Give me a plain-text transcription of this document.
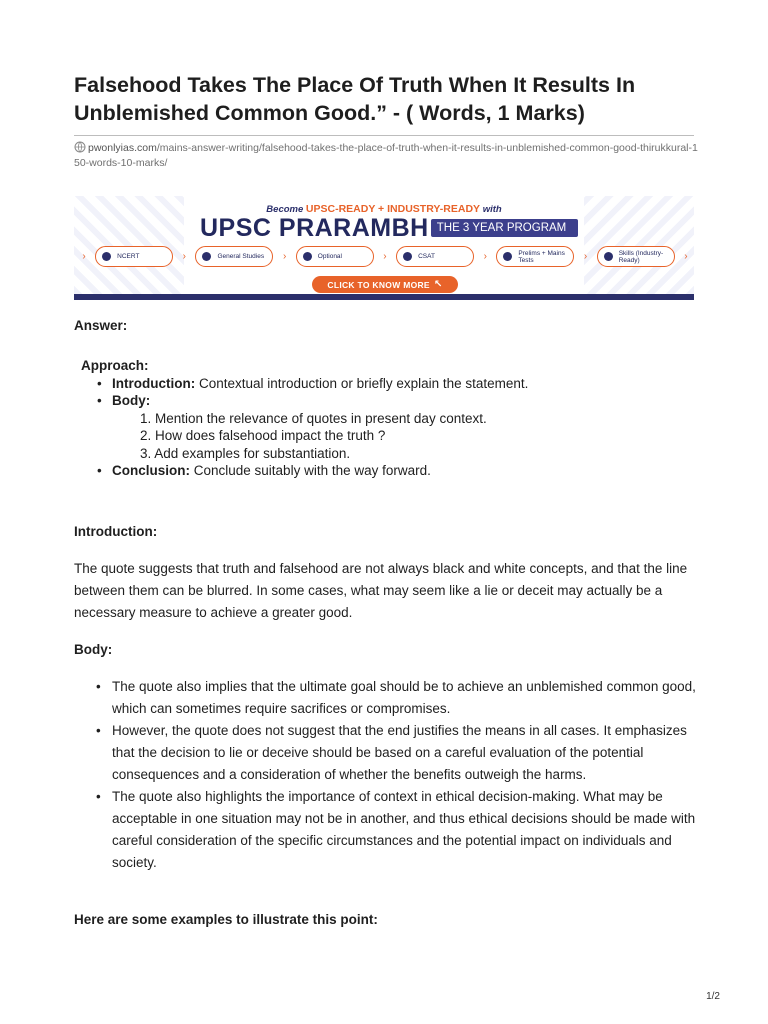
Falsehood Takes The Place Of Truth When It Results In Unblemished Common Good.” - ( Words, 1 Marks)
pwonlyias.com/mains-answer-writing/falsehood-takes-the-place-of-truth-when-it-results-in-unblemished-common-good-thirukkural-150-words-10-marks/
Become UPSC-READY + INDUSTRY-READY with
UPSC PRARAMBH THE 3 YEAR PROGRAM
›	NCERT	›	General Studies ›	Optional	›	CSAT	›	Prelims + Mains Tests	›	Skills (Industry-Ready)	›
CLICK TO KNOW MORE ↖

Answer:

Approach:
• Introduction: Contextual introduction or briefly explain the statement.
• Body:
1. Mention the relevance of quotes in present day context.
2. How does falsehood impact the truth ?
3. Add examples for substantiation.
• Conclusion: Conclude suitably with the way forward.

Introduction:

The quote suggests that truth and falsehood are not always black and white concepts, and that the line between them can be blurred. In some cases, what may seem like a lie or deceit may actually be a necessary measure to achieve a greater good.

Body:

• The quote also implies that the ultimate goal should be to achieve an unblemished common good, which can sometimes require sacrifices or compromises.
• However, the quote does not suggest that the end justifies the means in all cases. It emphasizes that the decision to lie or deceive should be based on a careful evaluation of the potential consequences and a consideration of whether the benefits outweigh the harms.
• The quote also highlights the importance of context in ethical decision-making. What may be acceptable in one situation may not be in another, and thus ethical decisions should be made with careful consideration of the specific circumstances and the potential impact on individuals and society.

Here are some examples to illustrate this point:

1/2
